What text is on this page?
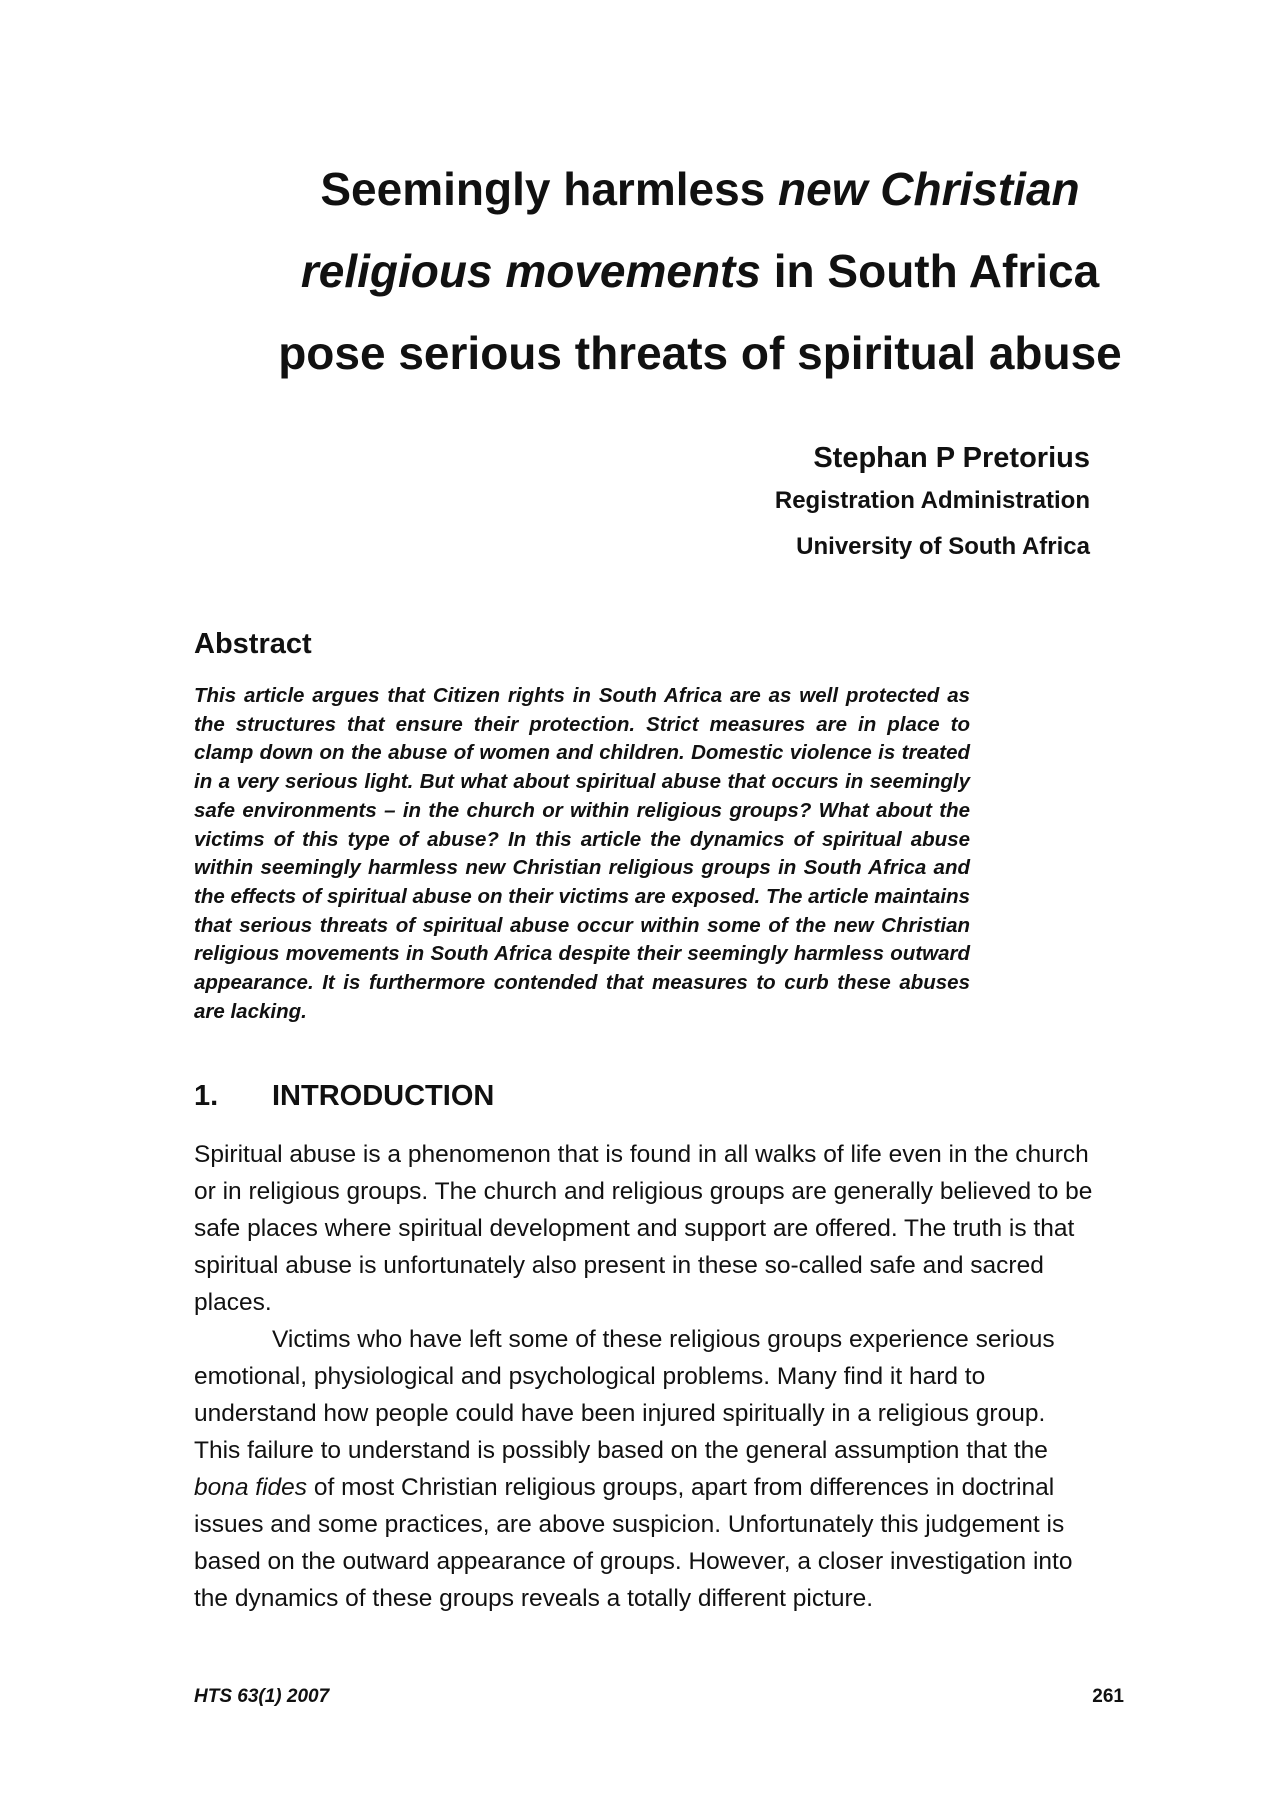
Seemingly harmless new Christian
religious movements in South Africa
pose serious threats of spiritual abuse
Stephan P Pretorius
Registration Administration
University of South Africa
Abstract

This article argues that Citizen rights in South Africa are as well protected as the structures that ensure their protection. Strict measures are in place to clamp down on the abuse of women and children. Domestic violence is treated in a very serious light. But what about spiritual abuse that occurs in seemingly safe environments – in the church or within religious groups? What about the victims of this type of abuse? In this article the dynamics of spiritual abuse within seemingly harmless new Christian religious groups in South Africa and the effects of spiritual abuse on their victims are exposed. The article maintains that serious threats of spiritual abuse occur within some of the new Christian religious movements in South Africa despite their seemingly harmless outward appearance. It is furthermore contended that measures to curb these abuses are lacking.

1. INTRODUCTION

Spiritual abuse is a phenomenon that is found in all walks of life even in the church or in religious groups. The church and religious groups are generally believed to be safe places where spiritual development and support are offered. The truth is that spiritual abuse is unfortunately also present in these so-called safe and sacred places.

Victims who have left some of these religious groups experience serious emotional, physiological and psychological problems. Many find it hard to understand how people could have been injured spiritually in a religious group. This failure to understand is possibly based on the general assumption that the bona fides of most Christian religious groups, apart from differences in doctrinal issues and some practices, are above suspicion. Unfortunately this judgement is based on the outward appearance of groups. However, a closer investigation into the dynamics of these groups reveals a totally different picture.

HTS 63(1) 2007	261
